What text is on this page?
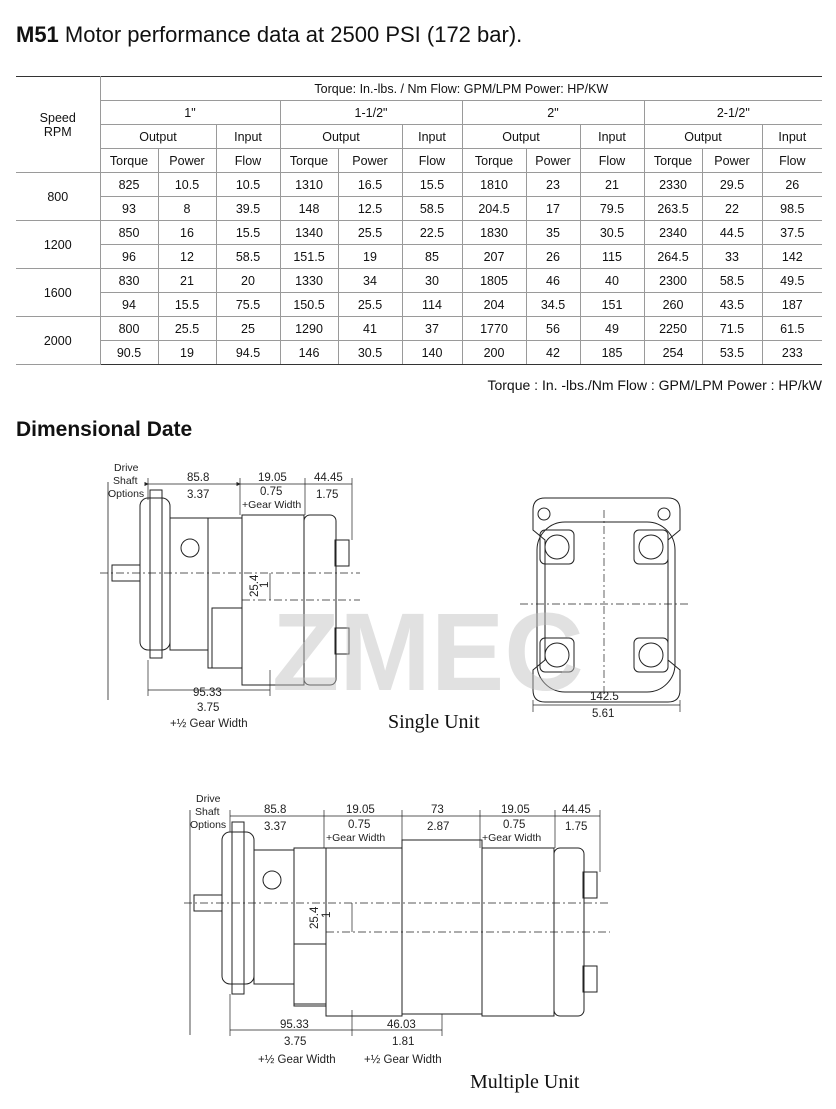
M51 Motor performance data at 2500 PSI (172 bar).
Speed
RPM	Torque: In.-lbs. / Nm Flow: GPM/LPM Power: HP/KW											
	1"			1-1/2"			2"			2-1/2"		
	Output		Input	Output		Input	Output		Input	Output		Input
	Torque	Power	Flow	Torque	Power	Flow	Torque	Power	Flow	Torque	Power	Flow
800	825	10.5	10.5	1310	16.5	15.5	1810	23	21	2330	29.5	26
	93	8	39.5	148	12.5	58.5	204.5	17	79.5	263.5	22	98.5
1200	850	16	15.5	1340	25.5	22.5	1830	35	30.5	2340	44.5	37.5
	96	12	58.5	151.5	19	85	207	26	115	264.5	33	142
1600	830	21	20	1330	34	30	1805	46	40	2300	58.5	49.5
	94	15.5	75.5	150.5	25.5	114	204	34.5	151	260	43.5	187
2000	800	25.5	25	1290	41	37	1770	56	49	2250	71.5	61.5
	90.5	19	94.5	146	30.5	140	200	42	185	254	53.5	233
Torque : In. -lbs./Nm Flow : GPM/LPM Power : HP/kW
Dimensional Date
Drive
Shaft
Options
85.8
3.37
19.05
0.75
+Gear Width
44.45
1.75
25.4
1
95.33
3.75
+½ Gear Width
142.5
5.61
Single Unit
Drive
Shaft
Options
85.8
3.37
19.05
0.75
+Gear Width
73
2.87
19.05
0.75
+Gear Width
44.45
1.75
25.4 1
95.33
3.75
+½ Gear Width
46.03
1.81
+½ Gear Width
Multiple Unit
ZMEC
